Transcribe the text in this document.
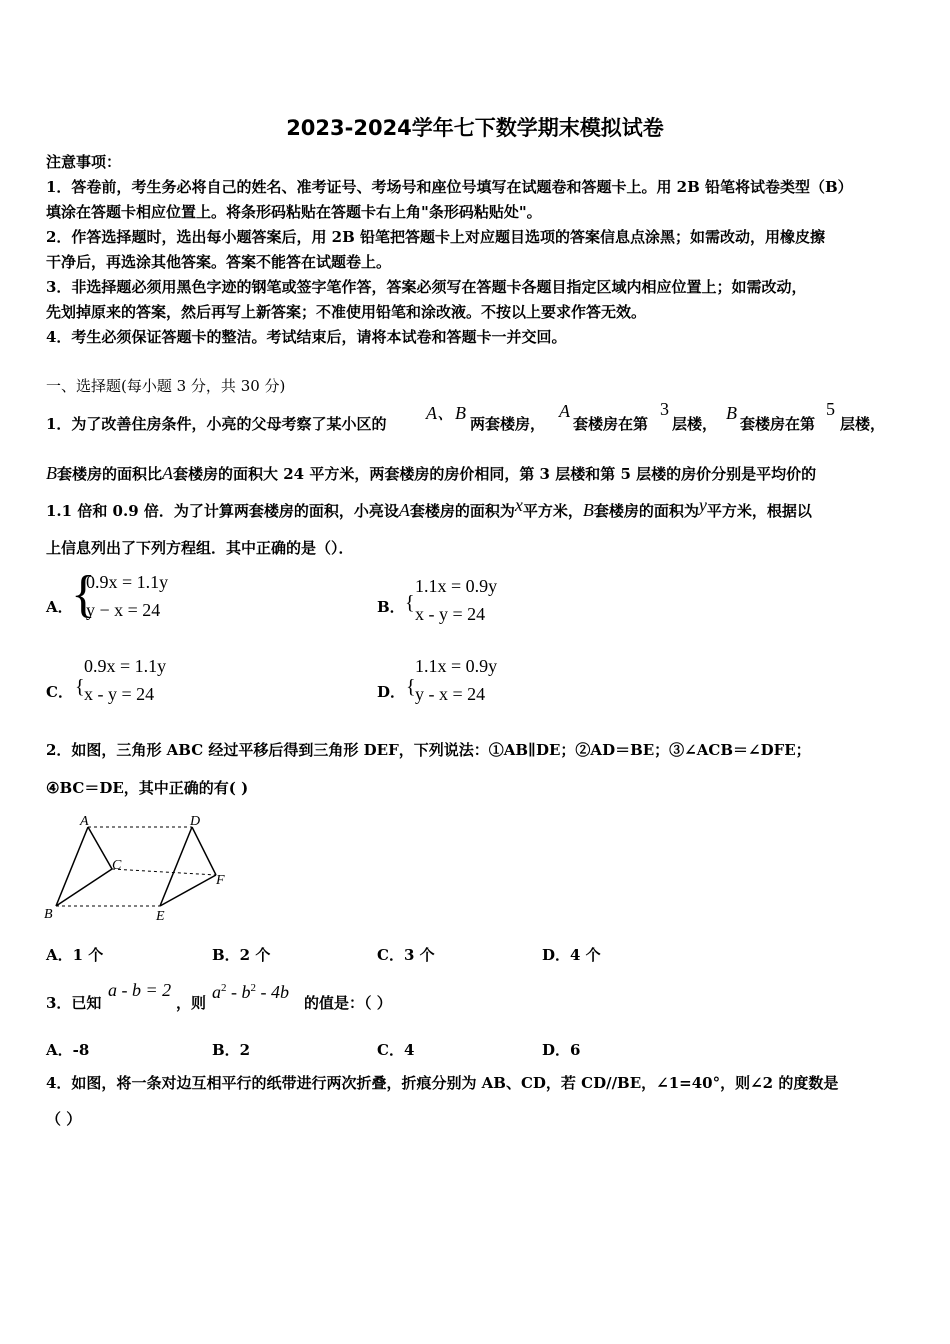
2023-2024学年七下数学期末模拟试卷
注意事项：
1．答卷前，考生务必将自己的姓名、准考证号、考场号和座位号填写在试题卷和答题卡上。用 2B 铅笔将试卷类型（B）
填涂在答题卡相应位置上。将条形码粘贴在答题卡右上角"条形码粘贴处"。
2．作答选择题时，选出每小题答案后，用 2B 铅笔把答题卡上对应题目选项的答案信息点涂黑；如需改动，用橡皮擦
干净后，再选涂其他答案。答案不能答在试题卷上。
3．非选择题必须用黑色字迹的钢笔或签字笔作答，答案必须写在答题卡各题目指定区域内相应位置上；如需改动，
先划掉原来的答案，然后再写上新答案；不准使用铅笔和涂改液。不按以上要求作答无效。
4．考生必须保证答题卡的整洁。考试结束后，请将本试卷和答题卡一并交回。
一、选择题(每小题 3 分，共 30 分)
1．为了改善住房条件，小亮的父母考察了某小区的
A、B
两套楼房，
A
套楼房在第
3
层楼，
B
套楼房在第
5
层楼，
B套楼房的面积比A套楼房的面积大 24 平方米，两套楼房的房价相同，第 3 层楼和第 5 层楼的房价分别是平均价的
1.1 倍和 0.9 倍．为了计算两套楼房的面积，小亮设A套楼房的面积为x平方米，B套楼房的面积为y平方米，根据以
上信息列出了下列方程组．其中正确的是（）．
A．
{
0.9x = 1.1y
y − x = 24	B． {
1.1x = 0.9y
x - y = 24
C． {
0.9x = 1.1y
x - y = 24	D． {
1.1x = 0.9y
y - x = 24
2．如图，三角形 ABC 经过平移后得到三角形 DEF，下列说法：①AB∥DE；②AD＝BE；③∠ACB＝∠DFE；
④BC＝DE，其中正确的有( )
A
B
C
D
E
F
A．1 个	B．2 个	C．3 个	D．4 个
3．已知
a - b = 2
，则
$a^2 - b^2 - 4b$
的值是：（ ）
A．-8	B．2	C．4	D．6
4．如图，将一条对边互相平行的纸带进行两次折叠，折痕分别为 AB、CD，若 CD//BE，∠1=40°，则∠2 的度数是
（ ）
